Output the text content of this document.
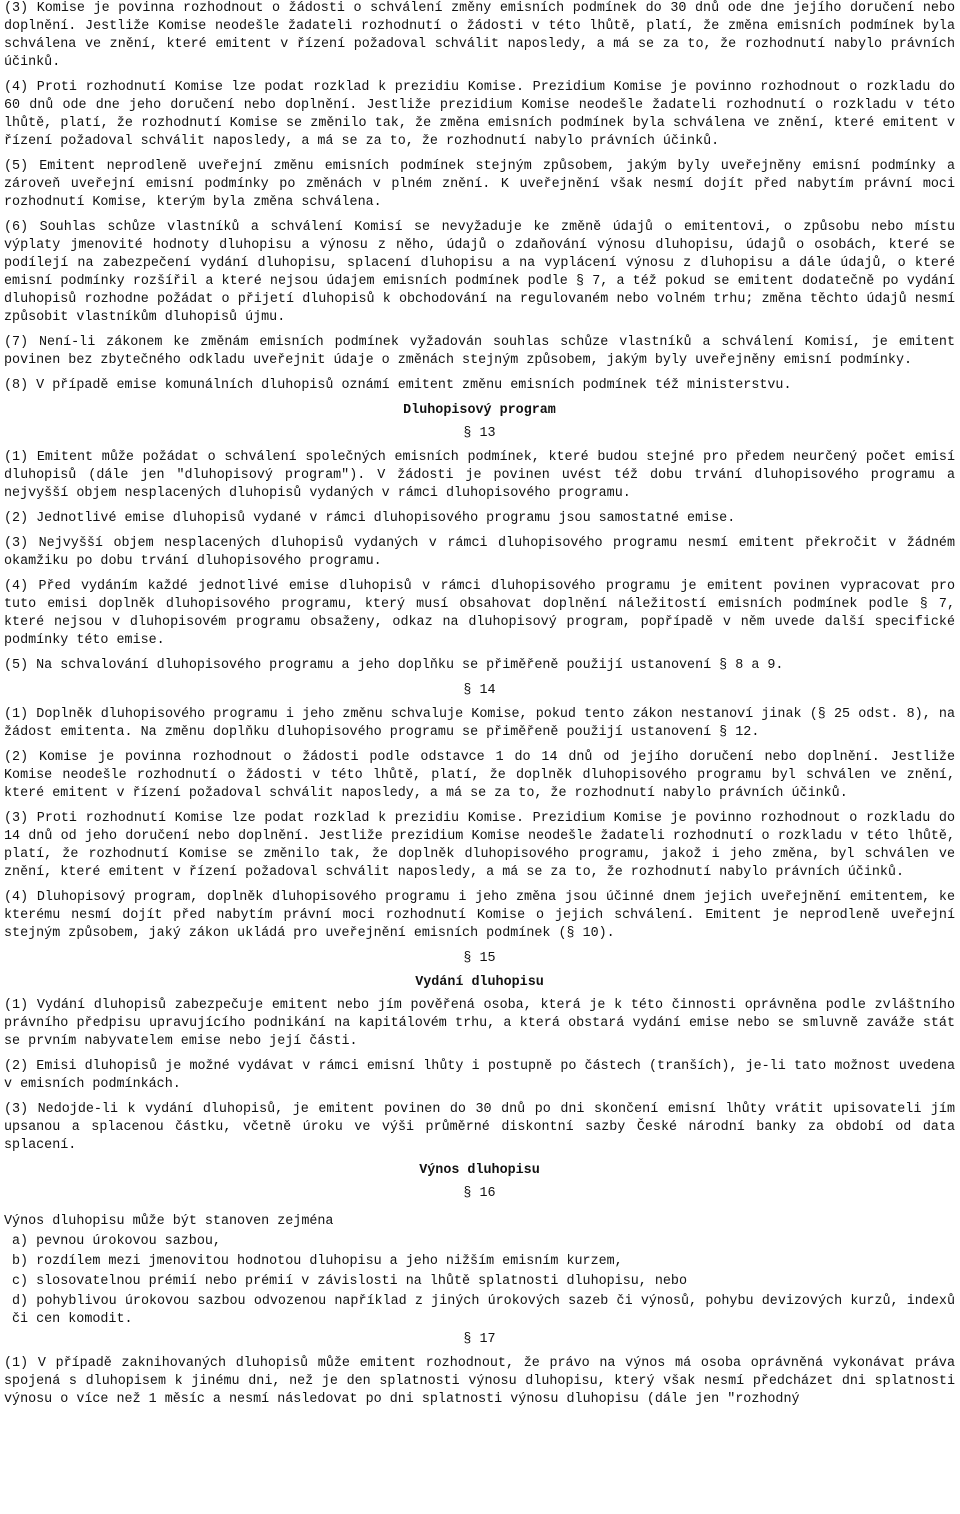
(3) Komise je povinna rozhodnout o žádosti o schválení změny emisních podmínek do 30 dnů ode dne jejího doručení nebo doplnění. Jestliže Komise neodešle žadateli rozhodnutí o žádosti v této lhůtě, platí, že změna emisních podmínek byla schválena ve znění, které emitent v řízení požadoval schválit naposledy, a má se za to, že rozhodnutí nabylo právních účinků.

(4) Proti rozhodnutí Komise lze podat rozklad k prezidiu Komise. Prezidium Komise je povinno rozhodnout o rozkladu do 60 dnů ode dne jeho doručení nebo doplnění. Jestliže prezidium Komise neodešle žadateli rozhodnutí o rozkladu v této lhůtě, platí, že rozhodnutí Komise se změnilo tak, že změna emisních podmínek byla schválena ve znění, které emitent v řízení požadoval schválit naposledy, a má se za to, že rozhodnutí nabylo právních účinků.

(5) Emitent neprodleně uveřejní změnu emisních podmínek stejným způsobem, jakým byly uveřejněny emisní podmínky a zároveň uveřejní emisní podmínky po změnách v plném znění. K uveřejnění však nesmí dojít před nabytím právní moci rozhodnutí Komise, kterým byla změna schválena.

(6) Souhlas schůze vlastníků a schválení Komisí se nevyžaduje ke změně údajů o emitentovi, o způsobu nebo místu výplaty jmenovité hodnoty dluhopisu a výnosu z něho, údajů o zdaňování výnosu dluhopisu, údajů o osobách, které se podílejí na zabezpečení vydání dluhopisu, splacení dluhopisu a na vyplácení výnosu z dluhopisu a dále údajů, o které emisní podmínky rozšířil a které nejsou údajem emisních podmínek podle § 7, a též pokud se emitent dodatečně po vydání dluhopisů rozhodne požádat o přijetí dluhopisů k obchodování na regulovaném nebo volném trhu; změna těchto údajů nesmí způsobit vlastníkům dluhopisů újmu.

(7) Není-li zákonem ke změnám emisních podmínek vyžadován souhlas schůze vlastníků a schválení Komisí, je emitent povinen bez zbytečného odkladu uveřejnit údaje o změnách stejným způsobem, jakým byly uveřejněny emisní podmínky.

(8) V případě emise komunálních dluhopisů oznámí emitent změnu emisních podmínek též ministerstvu.

Dluhopisový program
§ 13

(1) Emitent může požádat o schválení společných emisních podmínek, které budou stejné pro předem neurčený počet emisí dluhopisů (dále jen "dluhopisový program"). V žádosti je povinen uvést též dobu trvání dluhopisového programu a nejvyšší objem nesplacených dluhopisů vydaných v rámci dluhopisového programu.

(2) Jednotlivé emise dluhopisů vydané v rámci dluhopisového programu jsou samostatné emise.

(3) Nejvyšší objem nesplacených dluhopisů vydaných v rámci dluhopisového programu nesmí emitent překročit v žádném okamžiku po dobu trvání dluhopisového programu.

(4) Před vydáním každé jednotlivé emise dluhopisů v rámci dluhopisového programu je emitent povinen vypracovat pro tuto emisi doplněk dluhopisového programu, který musí obsahovat doplnění náležitostí emisních podmínek podle § 7, které nejsou v dluhopisovém programu obsaženy, odkaz na dluhopisový program, popřípadě v něm uvede další specifické podmínky této emise.

(5) Na schvalování dluhopisového programu a jeho doplňku se přiměřeně použijí ustanovení § 8 a 9.

§ 14

(1) Doplněk dluhopisového programu i jeho změnu schvaluje Komise, pokud tento zákon nestanoví jinak (§ 25 odst. 8), na žádost emitenta. Na změnu doplňku dluhopisového programu se přiměřeně použijí ustanovení § 12.

(2) Komise je povinna rozhodnout o žádosti podle odstavce 1 do 14 dnů od jejího doručení nebo doplnění. Jestliže Komise neodešle rozhodnutí o žádosti v této lhůtě, platí, že doplněk dluhopisového programu byl schválen ve znění, které emitent v řízení požadoval schválit naposledy, a má se za to, že rozhodnutí nabylo právních účinků.

(3) Proti rozhodnutí Komise lze podat rozklad k prezidiu Komise. Prezidium Komise je povinno rozhodnout o rozkladu do 14 dnů od jeho doručení nebo doplnění. Jestliže prezidium Komise neodešle žadateli rozhodnutí o rozkladu v této lhůtě, platí, že rozhodnutí Komise se změnilo tak, že doplněk dluhopisového programu, jakož i jeho změna, byl schválen ve znění, které emitent v řízení požadoval schválit naposledy, a má se za to, že rozhodnutí nabylo právních účinků.

(4) Dluhopisový program, doplněk dluhopisového programu i jeho změna jsou účinné dnem jejich uveřejnění emitentem, ke kterému nesmí dojít před nabytím právní moci rozhodnutí Komise o jejich schválení. Emitent je neprodleně uveřejní stejným způsobem, jaký zákon ukládá pro uveřejnění emisních podmínek (§ 10).

§ 15
Vydání dluhopisu

(1) Vydání dluhopisů zabezpečuje emitent nebo jím pověřená osoba, která je k této činnosti oprávněna podle zvláštního právního předpisu upravujícího podnikání na kapitálovém trhu, a která obstará vydání emise nebo se smluvně zaváže stát se prvním nabyvatelem emise nebo její části.

(2) Emisi dluhopisů je možné vydávat v rámci emisní lhůty i postupně po částech (tranších), je-li tato možnost uvedena v emisních podmínkách.

(3) Nedojde-li k vydání dluhopisů, je emitent povinen do 30 dnů po dni skončení emisní lhůty vrátit upisovateli jím upsanou a splacenou částku, včetně úroku ve výši průměrné diskontní sazby České národní banky za období od data splacení.

Výnos dluhopisu
§ 16

Výnos dluhopisu může být stanoven zejména

a) pevnou úrokovou sazbou,

b) rozdílem mezi jmenovitou hodnotou dluhopisu a jeho nižším emisním kurzem,

c) slosovatelnou prémií nebo prémií v závislosti na lhůtě splatnosti dluhopisu, nebo

d) pohyblivou úrokovou sazbou odvozenou například z jiných úrokových sazeb či výnosů, pohybu devizových kurzů, indexů či cen komodit.

§ 17

(1) V případě zaknihovaných dluhopisů může emitent rozhodnout, že právo na výnos má osoba oprávněná vykonávat práva spojená s dluhopisem k jinému dni, než je den splatnosti výnosu dluhopisu, který však nesmí předcházet dni splatnosti výnosu o více než 1 měsíc a nesmí následovat po dni splatnosti výnosu dluhopisu (dále jen "rozhodný
